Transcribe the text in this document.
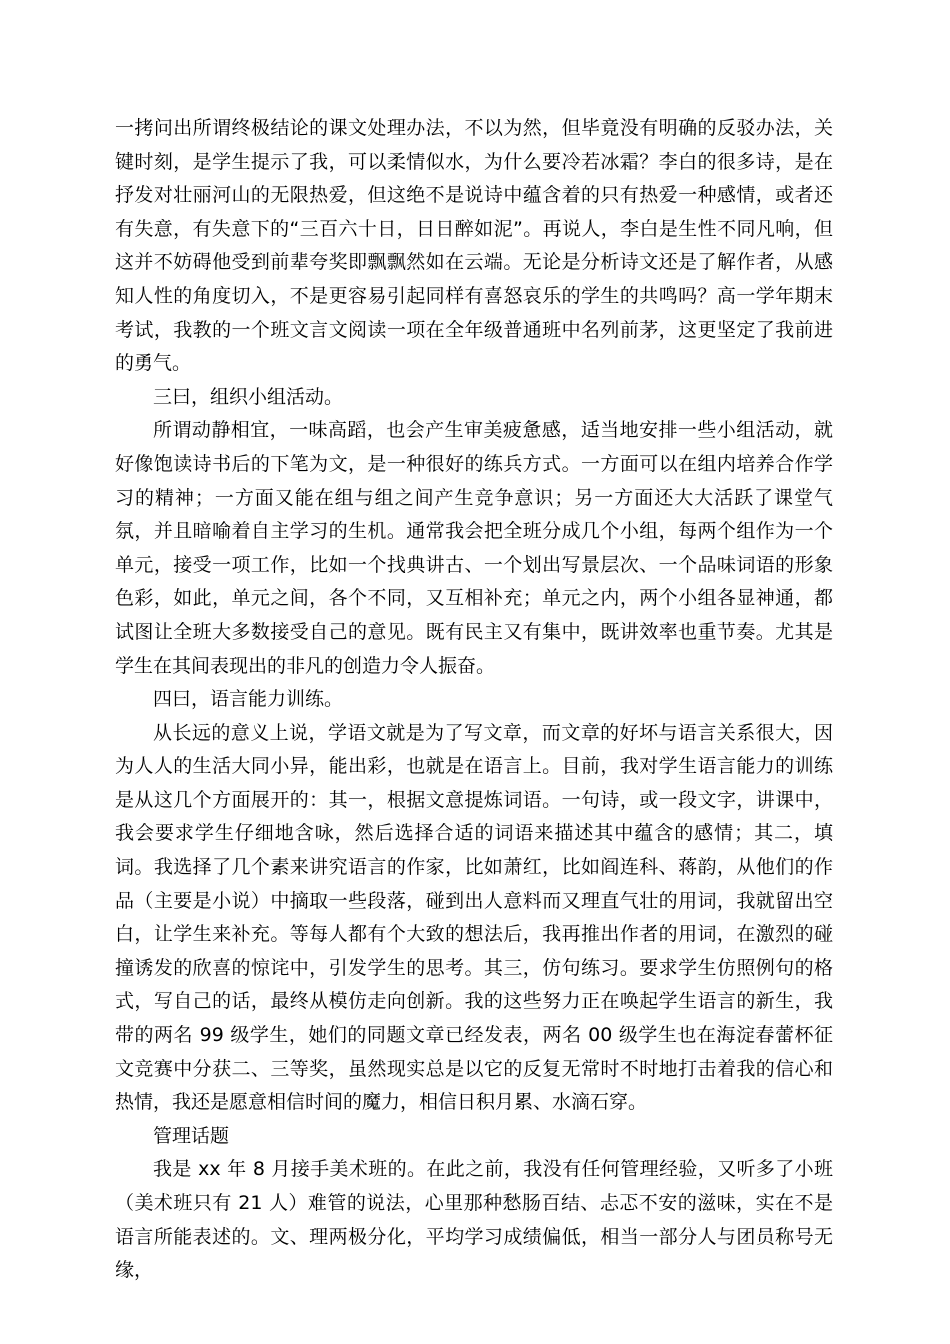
一拷问出所谓终极结论的课文处理办法，不以为然，但毕竟没有明确的反驳办法，关键时刻，是学生提示了我，可以柔情似水，为什么要冷若冰霜？李白的很多诗，是在抒发对壮丽河山的无限热爱，但这绝不是说诗中蕴含着的只有热爱一种感情，或者还有失意，有失意下的“三百六十日，日日醉如泥”。再说人，李白是生性不同凡响，但这并不妨碍他受到前辈夸奖即飘飘然如在云端。无论是分析诗文还是了解作者，从感知人性的角度切入，不是更容易引起同样有喜怒哀乐的学生的共鸣吗？高一学年期末考试，我教的一个班文言文阅读一项在全年级普通班中名列前茅，这更坚定了我前进的勇气。

三曰，组织小组活动。

所谓动静相宜，一味高蹈，也会产生审美疲惫感，适当地安排一些小组活动，就好像饱读诗书后的下笔为文，是一种很好的练兵方式。一方面可以在组内培养合作学习的精神；一方面又能在组与组之间产生竞争意识；另一方面还大大活跃了课堂气氛，并且暗喻着自主学习的生机。通常我会把全班分成几个小组，每两个组作为一个单元，接受一项工作，比如一个找典讲古、一个划出写景层次、一个品味词语的形象色彩，如此，单元之间，各个不同，又互相补充；单元之内，两个小组各显神通，都试图让全班大多数接受自己的意见。既有民主又有集中，既讲效率也重节奏。尤其是学生在其间表现出的非凡的创造力令人振奋。

四曰，语言能力训练。

从长远的意义上说，学语文就是为了写文章，而文章的好坏与语言关系很大，因为人人的生活大同小异，能出彩，也就是在语言上。目前，我对学生语言能力的训练是从这几个方面展开的：其一，根据文意提炼词语。一句诗，或一段文字，讲课中，我会要求学生仔细地含咏，然后选择合适的词语来描述其中蕴含的感情；其二，填词。我选择了几个素来讲究语言的作家，比如萧红，比如阎连科、蒋韵，从他们的作品（主要是小说）中摘取一些段落，碰到出人意料而又理直气壮的用词，我就留出空白，让学生来补充。等每人都有个大致的想法后，我再推出作者的用词，在激烈的碰撞诱发的欣喜的惊诧中，引发学生的思考。其三，仿句练习。要求学生仿照例句的格式，写自己的话，最终从模仿走向创新。我的这些努力正在唤起学生语言的新生，我带的两名 99 级学生，她们的同题文章已经发表，两名 00 级学生也在海淀春蕾杯征文竞赛中分获二、三等奖，虽然现实总是以它的反复无常时不时地打击着我的信心和热情，我还是愿意相信时间的魔力，相信日积月累、水滴石穿。

管理话题

我是 xx 年 8 月接手美术班的。在此之前，我没有任何管理经验，又听多了小班（美术班只有 21 人）难管的说法，心里那种愁肠百结、忐忑不安的滋味，实在不是语言所能表述的。文、理两极分化，平均学习成绩偏低，相当一部分人与团员称号无缘，
